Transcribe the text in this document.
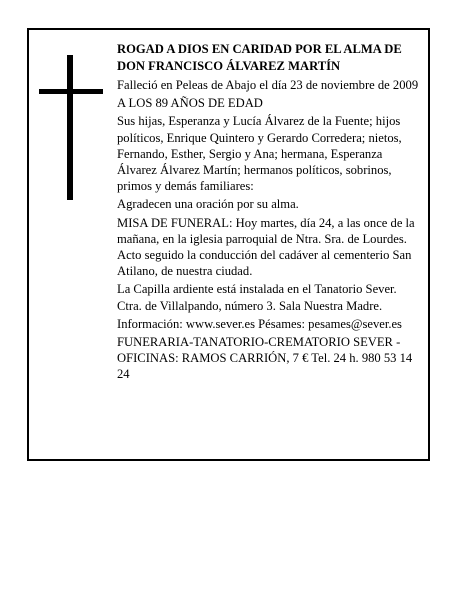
ROGAD A DIOS EN CARIDAD POR EL ALMA DE DON FRANCISCO ÁLVAREZ MARTÍN

Falleció en Peleas de Abajo el día 23 de noviembre de 2009

A LOS 89 AÑOS DE EDAD

Sus hijas, Esperanza y Lucía Álvarez de la Fuente; hijos políticos, Enrique Quintero y Gerardo Corredera; nietos, Fernando, Esther, Sergio y Ana; hermana, Esperanza Álvarez Álvarez Martín; hermanos políticos, sobrinos, primos y demás familiares:

Agradecen una oración por su alma.

MISA DE FUNERAL: Hoy martes, día 24, a las once de la mañana, en la iglesia parroquial de Ntra. Sra. de Lourdes. Acto seguido la conducción del cadáver al cementerio San Atilano, de nuestra ciudad.

La Capilla ardiente está instalada en el Tanatorio Sever. Ctra. de Villalpando, número 3. Sala Nuestra Madre.

Información: www.sever.es Pésames: pesames@sever.es

FUNERARIA-TANATORIO-CREMATORIO SEVER - OFICINAS: RAMOS CARRIÓN, 7 € Tel. 24 h. 980 53 14 24
